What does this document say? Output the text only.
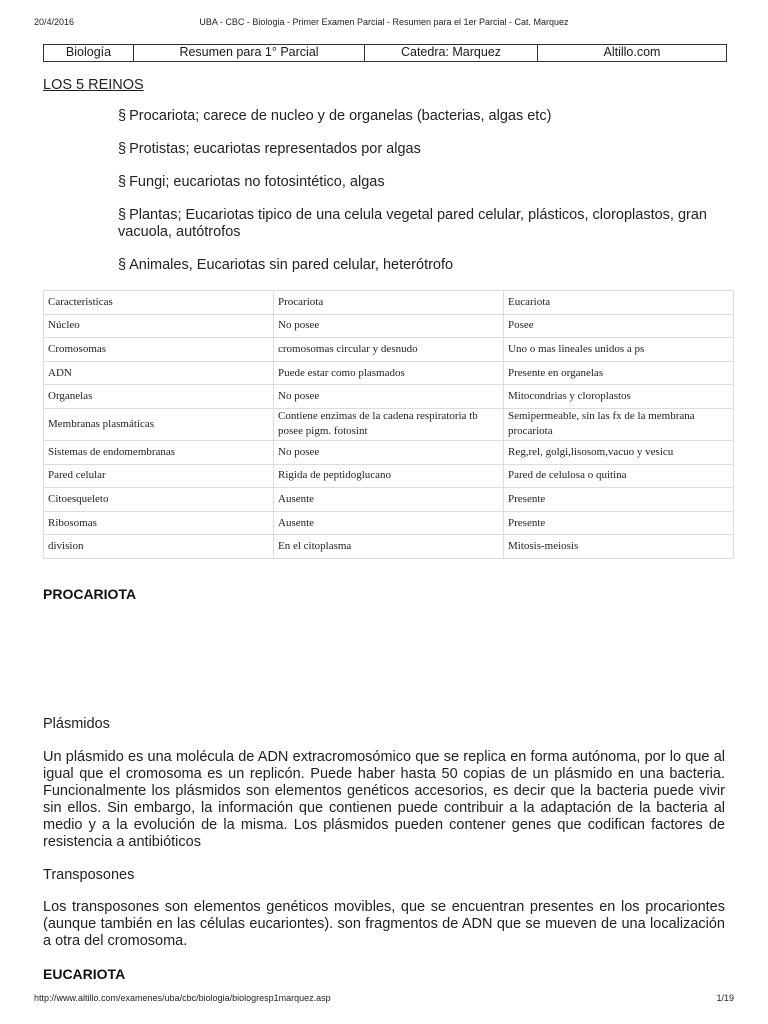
20/4/2016	UBA - CBC - Biologia - Primer Examen Parcial - Resumen para el 1er Parcial - Cat. Marquez
Biología	Resumen para 1° Parcial	Catedra: Marquez	Altillo.com
LOS 5 REINOS
§ Procariota; carece de nucleo y de organelas (bacterias, algas etc)
§ Protistas; eucariotas representados por algas
§ Fungi; eucariotas no fotosintético, algas
§ Plantas; Eucariotas tipico de una celula vegetal pared celular, plásticos, cloroplastos, gran vacuola, autótrofos
§ Animales, Eucariotas sin pared celular, heterótrofo
Caracteristicas	Procariota	Eucariota
Núcleo	No posee	Posee
Cromosomas	cromosomas circular y desnudo	Uno o mas lineales unidos a ps
ADN	Puede estar como plasmados	Presente en organelas
Organelas	No posee	Mitocondrias y cloroplastos
Membranas plasmáticas	Contiene enzimas de la cadena respiratoria tb posee pigm. fotosint	Semipermeable, sin las fx de la membrana procariota
Sistemas de endomembranas	No posee	Reg,rel, golgi,lisosom,vacuo y vesicu
Pared celular	Rigida de peptidoglucano	Pared de celulosa o quitina
Citoesqueleto	Ausente	Presente
Ribosomas	Ausente	Presente
division	En el citoplasma	Mitosis-meiosis
PROCARIOTA
Plásmidos

Un plásmido es una molécula de ADN extracromosómico que se replica en forma autónoma, por lo que al igual que el cromosoma es un replicón. Puede haber hasta 50 copias de un plásmido en una bacteria. Funcionalmente los plásmidos son elementos genéticos accesorios, es decir que la bacteria puede vivir sin ellos. Sin embargo, la información que contienen puede contribuir a la adaptación de la bacteria al medio y a la evolución de la misma. Los plásmidos pueden contener genes que codifican factores de resistencia a antibióticos

Transposones

Los transposones son elementos genéticos movibles, que se encuentran presentes en los procariontes (aunque también en las células eucariontes). son fragmentos de ADN que se mueven de una localización a otra del cromosoma.

EUCARIOTA
http://www.altillo.com/examenes/uba/cbc/biologia/biologresp1marquez.asp	1/19
